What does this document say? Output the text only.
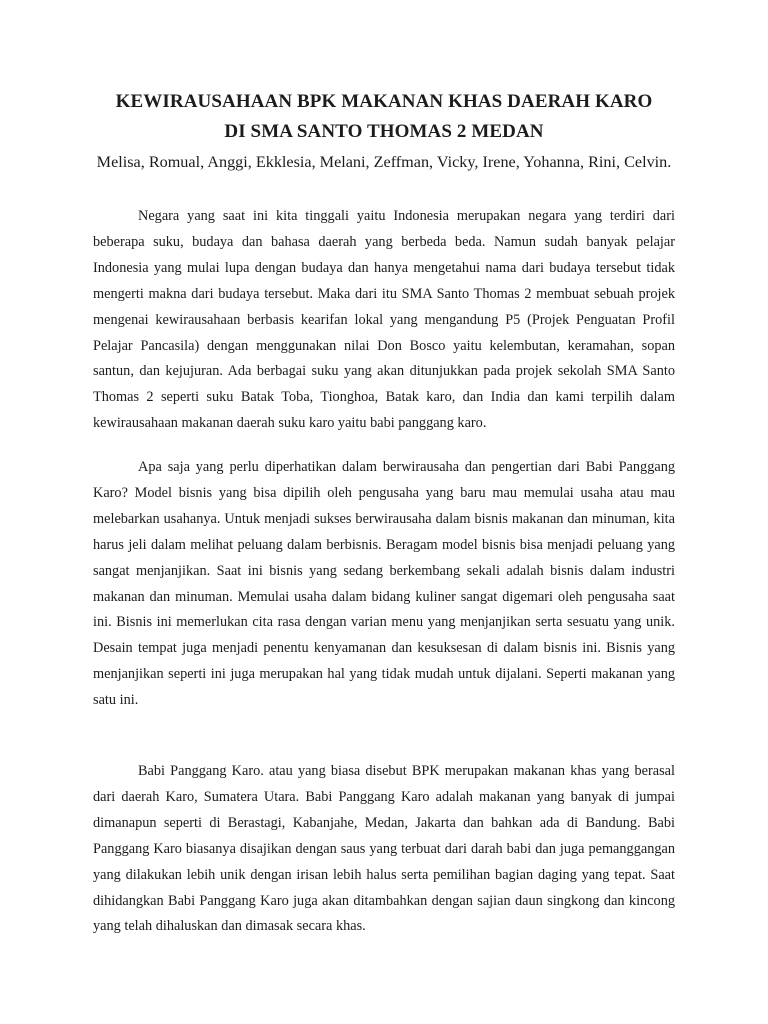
KEWIRAUSAHAAN BPK MAKANAN KHAS DAERAH KARO
DI SMA SANTO THOMAS 2 MEDAN

Melisa, Romual, Anggi, Ekklesia, Melani, Zeffman, Vicky, Irene, Yohanna, Rini, Celvin.

Negara yang saat ini kita tinggali yaitu Indonesia merupakan negara yang terdiri dari beberapa suku, budaya dan bahasa daerah yang berbeda beda. Namun sudah banyak pelajar Indonesia yang mulai lupa dengan budaya dan hanya mengetahui nama dari budaya tersebut tidak mengerti makna dari budaya tersebut. Maka dari itu SMA Santo Thomas 2 membuat sebuah projek mengenai kewirausahaan berbasis kearifan lokal yang mengandung P5 (Projek Penguatan Profil Pelajar Pancasila) dengan menggunakan nilai Don Bosco yaitu kelembutan, keramahan, sopan santun, dan kejujuran. Ada berbagai suku yang akan ditunjukkan pada projek sekolah SMA Santo Thomas 2 seperti suku Batak Toba, Tionghoa, Batak karo, dan India dan kami terpilih dalam kewirausahaan makanan daerah suku karo yaitu babi panggang karo.

Apa saja yang perlu diperhatikan dalam berwirausaha dan pengertian dari Babi Panggang Karo? Model bisnis yang bisa dipilih oleh pengusaha yang baru mau memulai usaha atau mau melebarkan usahanya. Untuk menjadi sukses berwirausaha dalam bisnis makanan dan minuman, kita harus jeli dalam melihat peluang dalam berbisnis. Beragam model bisnis bisa menjadi peluang yang sangat menjanjikan. Saat ini bisnis yang sedang berkembang sekali adalah bisnis dalam industri makanan dan minuman. Memulai usaha dalam bidang kuliner sangat digemari oleh pengusaha saat ini. Bisnis ini memerlukan cita rasa dengan varian menu yang menjanjikan serta sesuatu yang unik. Desain tempat juga menjadi penentu kenyamanan dan kesuksesan di dalam bisnis ini. Bisnis yang menjanjikan seperti ini juga merupakan hal yang tidak mudah untuk dijalani. Seperti makanan yang satu ini.

Babi Panggang Karo. atau yang biasa disebut BPK merupakan makanan khas yang berasal dari daerah Karo, Sumatera Utara. Babi Panggang Karo adalah makanan yang banyak di jumpai dimanapun seperti di Berastagi, Kabanjahe, Medan, Jakarta dan bahkan ada di Bandung. Babi Panggang Karo biasanya disajikan dengan saus yang terbuat dari darah babi dan juga pemanggangan yang dilakukan lebih unik dengan irisan lebih halus serta pemilihan bagian daging yang tepat. Saat dihidangkan Babi Panggang Karo juga akan ditambahkan dengan sajian daun singkong dan kincong yang telah dihaluskan dan dimasak secara khas.
